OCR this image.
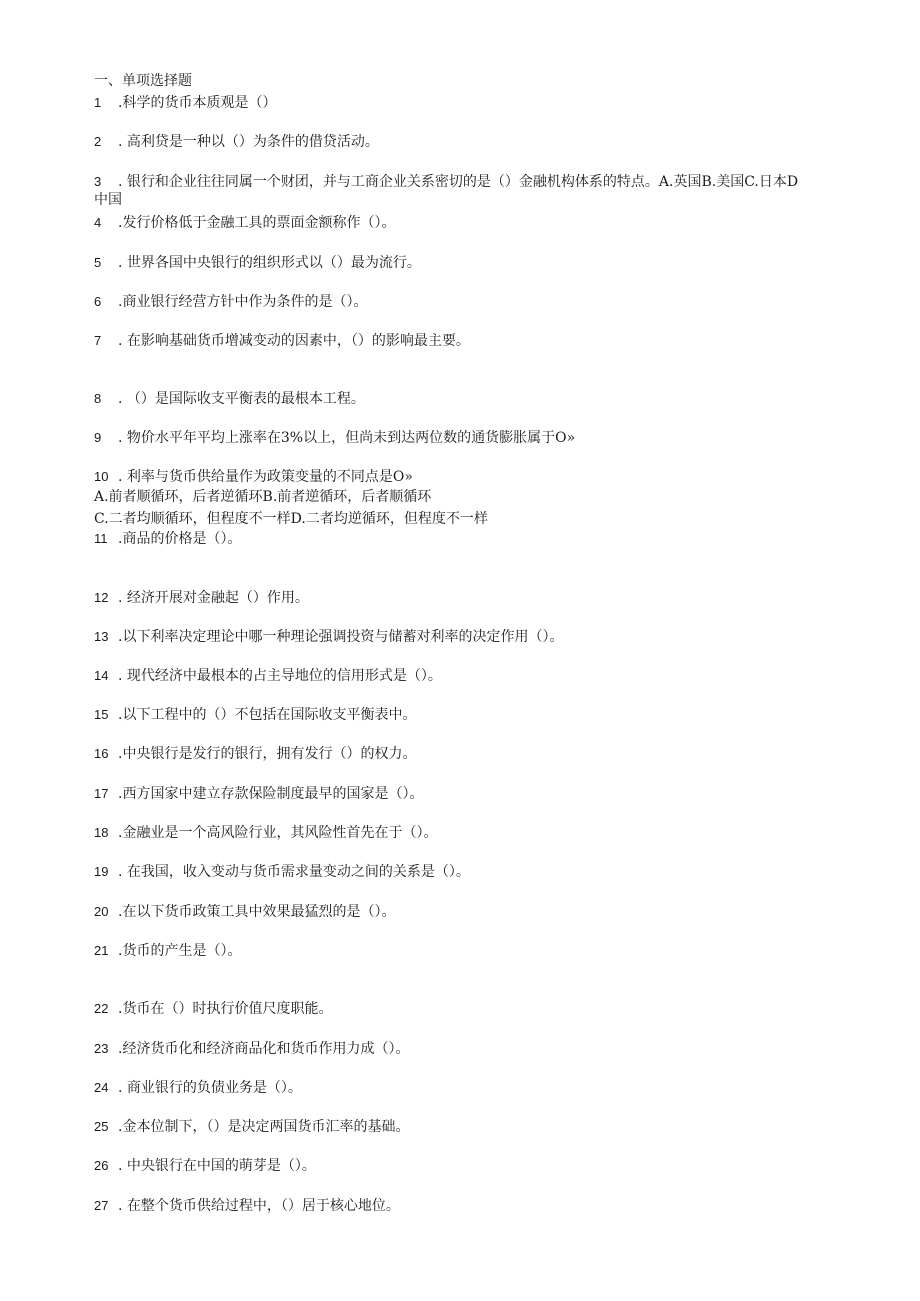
一、单项选择题
1 .科学的货币本质观是（）
2 . 高利贷是一种以（）为条件的借贷活动。
3 . 银行和企业往往同属一个财团，并与工商企业关系密切的是（）金融机构体系的特点。A.英国B.美国C.日本D
中国
4 .发行价格低于金融工具的票面金额称作（）。
5 . 世界各国中央银行的组织形式以（）最为流行。
6 .商业银行经营方针中作为条件的是（）。
7 . 在影响基础货币增减变动的因素中，（）的影响最主要。
8 . （）是国际收支平衡表的最根本工程。
9 . 物价水平年平均上涨率在3%以上，但尚未到达两位数的通货膨胀属于O»
10 . 利率与货币供给量作为政策变量的不同点是O»
A.前者顺循环，后者逆循环B.前者逆循环，后者顺循环
C.二者均顺循环，但程度不一样D.二者均逆循环，但程度不一样
11 .商品的价格是（）。
12 . 经济开展对金融起（）作用。
13 .以下利率决定理论中哪一种理论强调投资与储蓄对利率的决定作用（）。
14 . 现代经济中最根本的占主导地位的信用形式是（）。
15 .以下工程中的（）不包括在国际收支平衡表中。
16 .中央银行是发行的银行，拥有发行（）的权力。
17 .西方国家中建立存款保险制度最早的国家是（）。
18 .金融业是一个高风险行业，其风险性首先在于（）。
19 . 在我国，收入变动与货币需求量变动之间的关系是（）。
20 .在以下货币政策工具中效果最猛烈的是（）。
21 .货币的产生是（）。
22 .货币在（）时执行价值尺度职能。
23 .经济货币化和经济商品化和货币作用力成（）。
24 . 商业银行的负债业务是（）。
25 .金本位制下，（）是决定两国货币汇率的基础。
26 . 中央银行在中国的萌芽是（）。
27 . 在整个货币供给过程中，（）居于核心地位。
